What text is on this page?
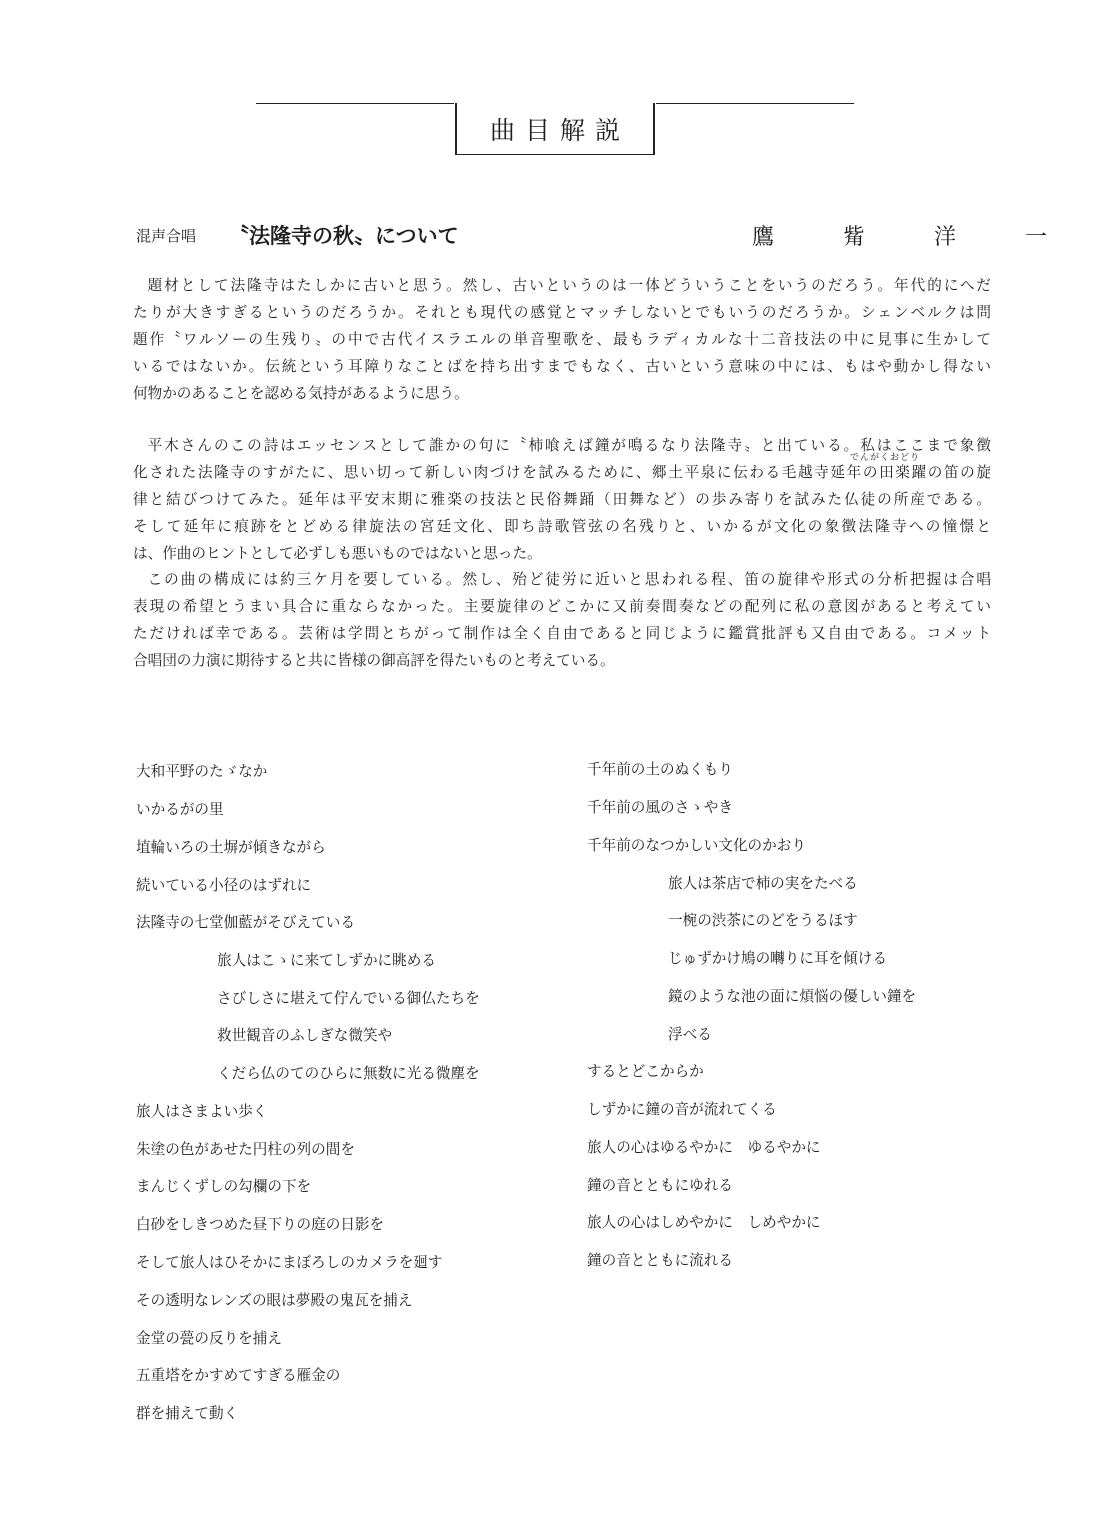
曲目解説
混声合唱 〝法隆寺の秋〟について	鷹 觜 洋 一
題材として法隆寺はたしかに古いと思う。然し、古いというのは一体どういうことをいうのだろう。年代的にへだ
たりが大きすぎるというのだろうか。それとも現代の感覚とマッチしないとでもいうのだろうか。シェンベルクは問
題作〝ワルソーの生残り〟の中で古代イスラエルの単音聖歌を、最もラディカルな十二音技法の中に見事に生かして
いるではないか。伝統という耳障りなことばを持ち出すまでもなく、古いという意味の中には、もはや動かし得ない
何物かのあることを認める気持があるように思う。
でんがくおどり
平木さんのこの詩はエッセンスとして誰かの句に〝柿喰えば鐘が鳴るなり法隆寺〟と出ている。私はここまで象徴
化された法隆寺のすがたに、思い切って新しい肉づけを試みるために、郷土平泉に伝わる毛越寺延年の田楽躍の笛の旋
律と結びつけてみた。延年は平安末期に雅楽の技法と民俗舞踊（田舞など）の歩み寄りを試みた仏徒の所産である。
そして延年に痕跡をとどめる律旋法の宮廷文化、即ち詩歌管弦の名残りと、いかるが文化の象徴法隆寺への憧憬と
は、作曲のヒントとして必ずしも悪いものではないと思った。
この曲の構成には約三ケ月を要している。然し、殆ど徒労に近いと思われる程、笛の旋律や形式の分析把握は合唱
表現の希望とうまい具合に重ならなかった。主要旋律のどこかに又前奏間奏などの配列に私の意図があると考えてい
ただければ幸である。芸術は学問とちがって制作は全く自由であると同じように鑑賞批評も又自由である。コメット
合唱団の力演に期待すると共に皆様の御高評を得たいものと考えている。
大和平野のたゞなか
いかるがの里
埴輪いろの土塀が傾きながら
続いている小径のはずれに
法隆寺の七堂伽藍がそびえている
旅人はこゝに来てしずかに眺める
さびしさに堪えて佇んでいる御仏たちを
救世観音のふしぎな微笑や
くだら仏のてのひらに無数に光る微塵を
旅人はさまよい歩く
朱塗の色があせた円柱の列の間を
まんじくずしの勾欄の下を
白砂をしきつめた昼下りの庭の日影を
そして旅人はひそかにまぼろしのカメラを廻す
その透明なレンズの眼は夢殿の鬼瓦を捕え
金堂の甍の反りを捕え
五重塔をかすめてすぎる雁金の
群を捕えて動く
千年前の土のぬくもり
千年前の風のさゝやき
千年前のなつかしい文化のかおり
旅人は茶店で柿の実をたべる
一椀の渋茶にのどをうるほす
じゅずかけ鳩の囀りに耳を傾ける
鏡のような池の面に煩悩の優しい鐘を
浮べる
するとどこからか
しずかに鐘の音が流れてくる
旅人の心はゆるやかに　ゆるやかに
鐘の音とともにゆれる
旅人の心はしめやかに　しめやかに
鐘の音とともに流れる
